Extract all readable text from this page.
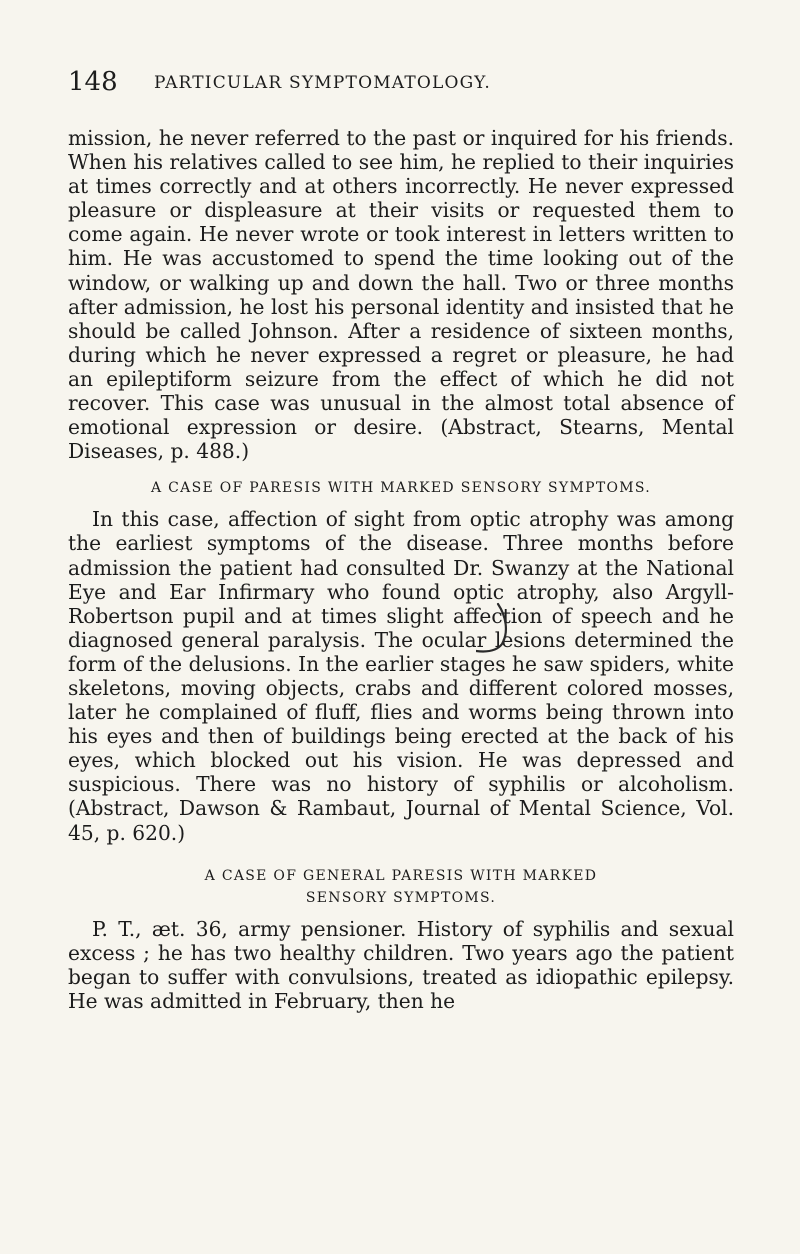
148 PARTICULAR SYMPTOMATOLOGY.

mission, he never referred to the past or inquired for his friends. When his relatives called to see him, he replied to their inquiries at times correctly and at others incorrectly. He never expressed pleasure or displeasure at their visits or requested them to come again. He never wrote or took interest in letters written to him. He was accustomed to spend the time looking out of the window, or walking up and down the hall. Two or three months after admission, he lost his personal identity and insisted that he should be called Johnson. After a residence of sixteen months, during which he never expressed a regret or pleasure, he had an epileptiform seizure from the effect of which he did not recover. This case was unusual in the almost total absence of emotional expression or desire. (Abstract, Stearns, Mental Diseases, p. 488.)

A CASE OF PARESIS WITH MARKED SENSORY SYMPTOMS.

In this case, affection of sight from optic atrophy was among the earliest symptoms of the disease. Three months before admission the patient had consulted Dr. Swanzy at the National Eye and Ear Infirmary who found optic atrophy, also Argyll-Robertson pupil and at times slight affection of speech and he diagnosed general paralysis. The ocular lesions determined the form of the delusions. In the earlier stages he saw spiders, white skeletons, moving objects, crabs and different colored mosses, later he complained of fluff, flies and worms being thrown into his eyes and then of buildings being erected at the back of his eyes, which blocked out his vision. He was depressed and suspicious. There was no history of syphilis or alcoholism. (Abstract, Dawson & Rambaut, Journal of Mental Science, Vol. 45, p. 620.)

A CASE OF GENERAL PARESIS WITH MARKED
SENSORY SYMPTOMS.

P. T., æt. 36, army pensioner. History of syphilis and sexual excess ; he has two healthy children. Two years ago the patient began to suffer with convulsions, treated as idiopathic epilepsy. He was admitted in February, then he
